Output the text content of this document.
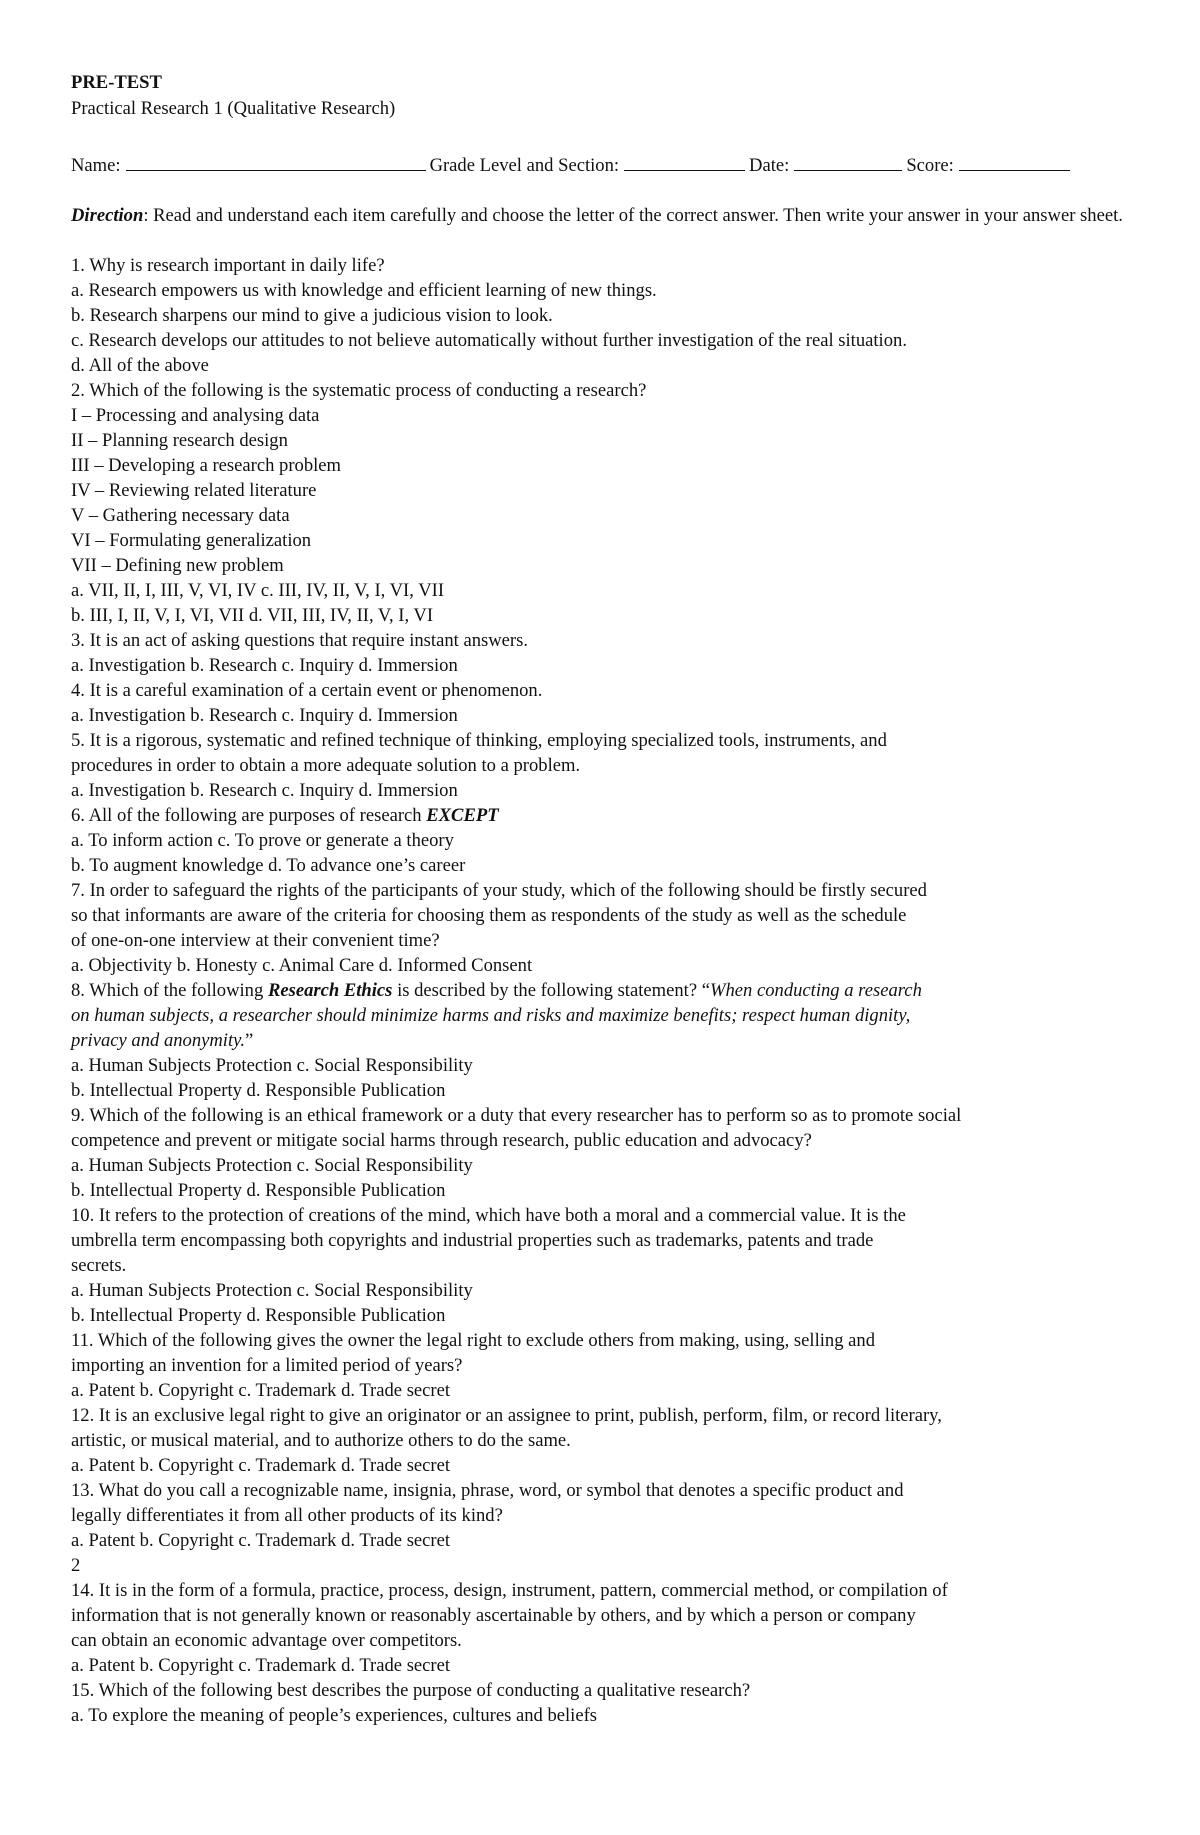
PRE-TEST
Practical Research 1 (Qualitative Research)
Name:	Grade Level and Section:	Date:	Score:
Direction: Read and understand each item carefully and choose the letter of the correct answer. Then write your answer in your answer sheet.
1. Why is research important in daily life?
a. Research empowers us with knowledge and efficient learning of new things.
b. Research sharpens our mind to give a judicious vision to look.
c. Research develops our attitudes to not believe automatically without further investigation of the real situation.
d. All of the above
2. Which of the following is the systematic process of conducting a research?
I – Processing and analysing data
II – Planning research design
III – Developing a research problem
IV – Reviewing related literature
V – Gathering necessary data
VI – Formulating generalization
VII – Defining new problem
a. VII, II, I, III, V, VI, IV c. III, IV, II, V, I, VI, VII
b. III, I, II, V, I, VI, VII d. VII, III, IV, II, V, I, VI
3. It is an act of asking questions that require instant answers.
a. Investigation b. Research c. Inquiry d. Immersion
4. It is a careful examination of a certain event or phenomenon.
a. Investigation b. Research c. Inquiry d. Immersion
5. It is a rigorous, systematic and refined technique of thinking, employing specialized tools, instruments, and
procedures in order to obtain a more adequate solution to a problem.
a. Investigation b. Research c. Inquiry d. Immersion
6. All of the following are purposes of research EXCEPT
a. To inform action c. To prove or generate a theory
b. To augment knowledge d. To advance one’s career
7. In order to safeguard the rights of the participants of your study, which of the following should be firstly secured
so that informants are aware of the criteria for choosing them as respondents of the study as well as the schedule
of one-on-one interview at their convenient time?
a. Objectivity b. Honesty c. Animal Care d. Informed Consent
8. Which of the following Research Ethics is described by the following statement? “When conducting a research
on human subjects, a researcher should minimize harms and risks and maximize benefits; respect human dignity,
privacy and anonymity.”
a. Human Subjects Protection c. Social Responsibility
b. Intellectual Property d. Responsible Publication
9. Which of the following is an ethical framework or a duty that every researcher has to perform so as to promote social
competence and prevent or mitigate social harms through research, public education and advocacy?
a. Human Subjects Protection c. Social Responsibility
b. Intellectual Property d. Responsible Publication
10. It refers to the protection of creations of the mind, which have both a moral and a commercial value. It is the
umbrella term encompassing both copyrights and industrial properties such as trademarks, patents and trade
secrets.
a. Human Subjects Protection c. Social Responsibility
b. Intellectual Property d. Responsible Publication
11. Which of the following gives the owner the legal right to exclude others from making, using, selling and
importing an invention for a limited period of years?
a. Patent b. Copyright c. Trademark d. Trade secret
12. It is an exclusive legal right to give an originator or an assignee to print, publish, perform, film, or record literary,
artistic, or musical material, and to authorize others to do the same.
a. Patent b. Copyright c. Trademark d. Trade secret
13. What do you call a recognizable name, insignia, phrase, word, or symbol that denotes a specific product and
legally differentiates it from all other products of its kind?
a. Patent b. Copyright c. Trademark d. Trade secret
2
14. It is in the form of a formula, practice, process, design, instrument, pattern, commercial method, or compilation of
information that is not generally known or reasonably ascertainable by others, and by which a person or company
can obtain an economic advantage over competitors.
a. Patent b. Copyright c. Trademark d. Trade secret
15. Which of the following best describes the purpose of conducting a qualitative research?
a. To explore the meaning of people’s experiences, cultures and beliefs
